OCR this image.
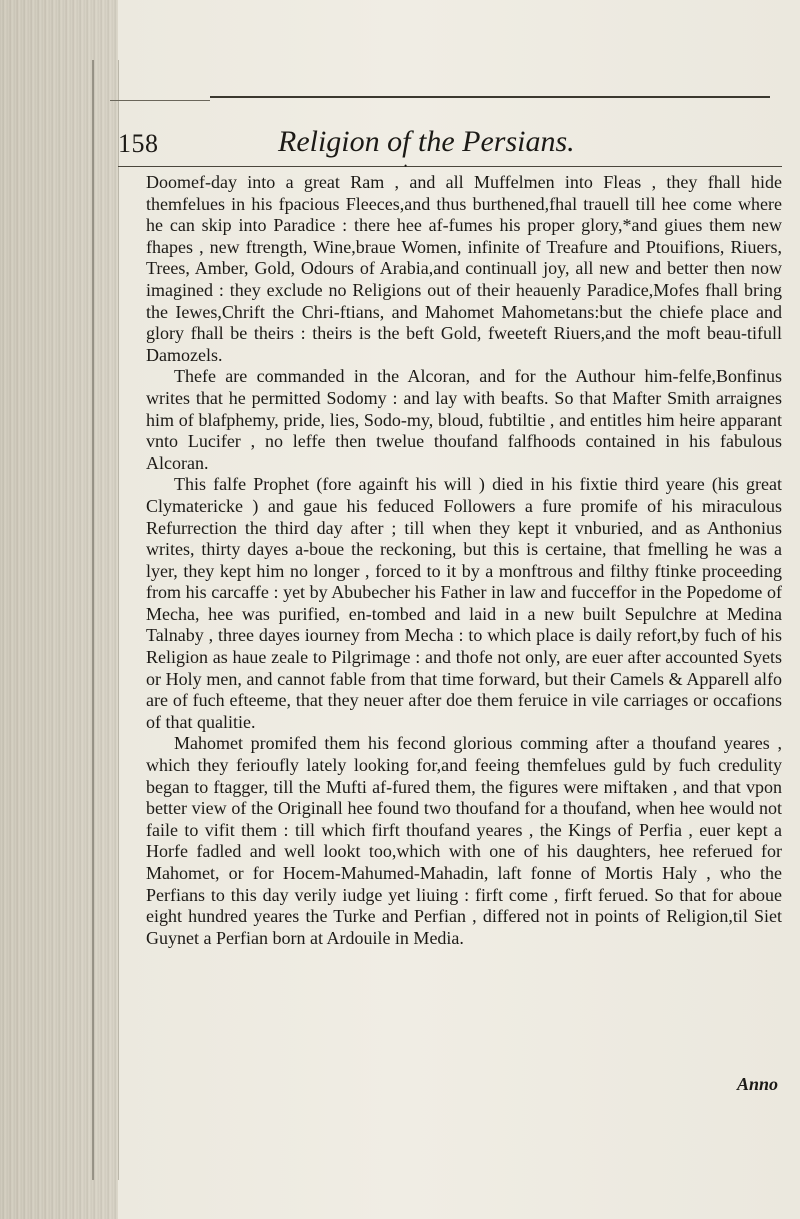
158	Religion of the Persians.
•

Doomef-day into a great Ram , and all Muffelmen into Fleas , they fhall hide themfelues in his fpacious Fleeces,and thus burthened,fhal trauell till hee come where he can skip into Paradice : there hee af-fumes his proper glory,*and giues them new fhapes , new ftrength, Wine,braue Women, infinite of Treafure and Ptouifions, Riuers, Trees, Amber, Gold, Odours of Arabia,and continuall joy, all new and better then now imagined : they exclude no Religions out of their heauenly Paradice,Mofes fhall bring the Iewes,Chrift the Chri-ftians, and Mahomet Mahometans:but the chiefe place and glory fhall be theirs : theirs is the beft Gold, fweeteft Riuers,and the moft beau-tifull Damozels.

Thefe are commanded in the Alcoran, and for the Authour him-felfe,Bonfinus writes that he permitted Sodomy : and lay with beafts. So that Mafter Smith arraignes him of blafphemy, pride, lies, Sodo-my, bloud, fubtiltie , and entitles him heire apparant vnto Lucifer , no leffe then twelue thoufand falfhoods contained in his fabulous Alcoran.

This falfe Prophet (fore againft his will ) died in his fixtie third yeare (his great Clymatericke ) and gaue his feduced Followers a fure promife of his miraculous Refurrection the third day after ; till when they kept it vnburied, and as Anthonius writes, thirty dayes a-boue the reckoning, but this is certaine, that fmelling he was a lyer, they kept him no longer , forced to it by a monftrous and filthy ftinke proceeding from his carcaffe : yet by Abubecher his Father in law and fucceffor in the Popedome of Mecha, hee was purified, en-tombed and laid in a new built Sepulchre at Medina Talnaby , three dayes iourney from Mecha : to which place is daily refort,by fuch of his Religion as haue zeale to Pilgrimage : and thofe not only, are euer after accounted Syets or Holy men, and cannot fable from that time forward, but their Camels & Apparell alfo are of fuch efteeme, that they neuer after doe them feruice in vile carriages or occafions of that qualitie.

Mahomet promifed them his fecond glorious comming after a thoufand yeares , which they ferioufly lately looking for,and feeing themfelues guld by fuch credulity began to ftagger, till the Mufti af-fured them, the figures were miftaken , and that vpon better view of the Originall hee found two thoufand for a thoufand, when hee would not faile to vifit them : till which firft thoufand yeares , the Kings of Perfia , euer kept a Horfe fadled and well lookt too,which with one of his daughters, hee referued for Mahomet, or for Hocem-Mahumed-Mahadin, laft fonne of Mortis Haly , who the Perfians to this day verily iudge yet liuing : firft come , firft ferued. So that for aboue eight hundred yeares the Turke and Perfian , differed not in points of Religion,til Siet Guynet a Perfian born at Ardouile in Media.

Anno
